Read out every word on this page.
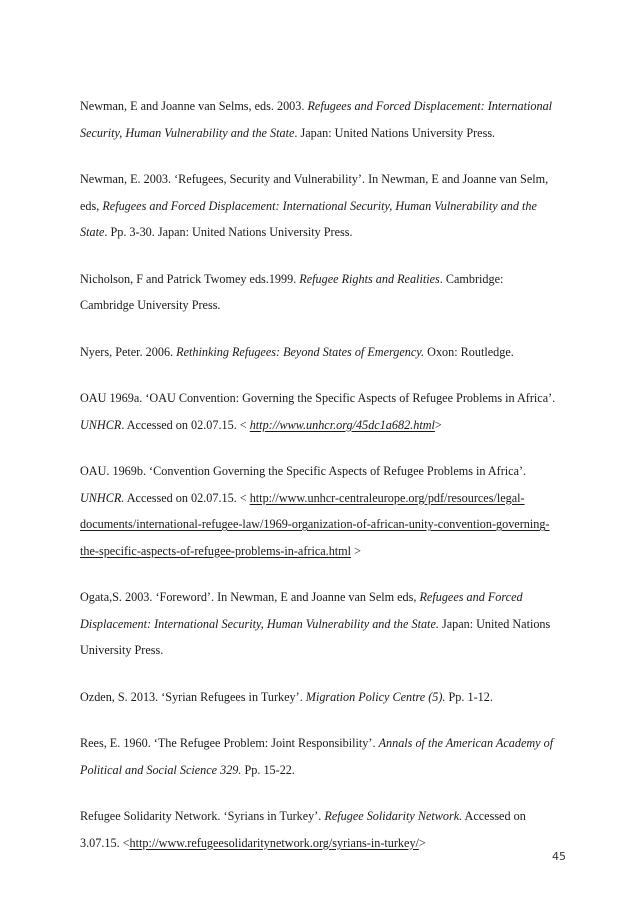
Newman, E and Joanne van Selms, eds. 2003. Refugees and Forced Displacement: International Security, Human Vulnerability and the State. Japan: United Nations University Press.

Newman, E. 2003. ‘Refugees, Security and Vulnerability’. In Newman, E and Joanne van Selm, eds, Refugees and Forced Displacement: International Security, Human Vulnerability and the State. Pp. 3-30. Japan: United Nations University Press.

Nicholson, F and Patrick Twomey eds.1999. Refugee Rights and Realities. Cambridge: Cambridge University Press.

Nyers, Peter. 2006. Rethinking Refugees: Beyond States of Emergency. Oxon: Routledge.

OAU 1969a. ‘OAU Convention: Governing the Specific Aspects of Refugee Problems in Africa’. UNHCR. Accessed on 02.07.15. < http://www.unhcr.org/45dc1a682.html>

OAU. 1969b. ‘Convention Governing the Specific Aspects of Refugee Problems in Africa’. UNHCR. Accessed on 02.07.15. < http://www.unhcr-centraleurope.org/pdf/resources/legal-documents/international-refugee-law/1969-organization-of-african-unity-convention-governing-the-specific-aspects-of-refugee-problems-in-africa.html >

Ogata,S. 2003. ‘Foreword’. In Newman, E and Joanne van Selm eds, Refugees and Forced Displacement: International Security, Human Vulnerability and the State. Japan: United Nations University Press.

Ozden, S. 2013. ‘Syrian Refugees in Turkey’. Migration Policy Centre (5). Pp. 1-12.

Rees, E. 1960. ‘The Refugee Problem: Joint Responsibility’. Annals of the American Academy of Political and Social Science 329. Pp. 15-22.

Refugee Solidarity Network. ‘Syrians in Turkey’. Refugee Solidarity Network. Accessed on 3.07.15. <http://www.refugeesolidaritynetwork.org/syrians-in-turkey/>

45
